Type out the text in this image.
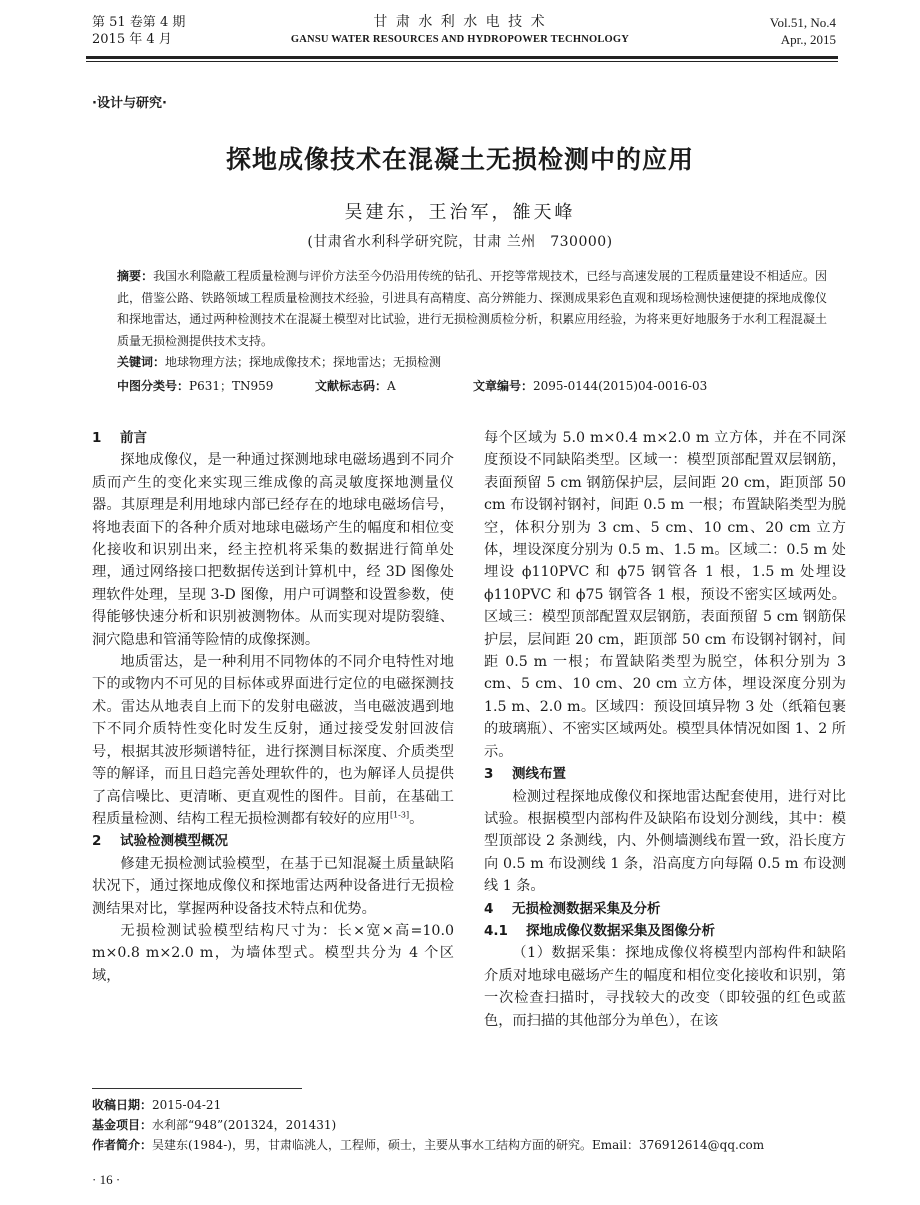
第 51 卷第 4 期
2015 年 4 月
甘 肃 水 利 水 电 技 术
GANSU WATER RESOURCES AND HYDROPOWER TECHNOLOGY
Vol.51, No.4
Apr., 2015
·设计与研究·
探地成像技术在混凝土无损检测中的应用
吴建东，王治军，雒天峰
(甘肃省水利科学研究院，甘肃 兰州　730000)
摘要：我国水利隐蔽工程质量检测与评价方法至今仍沿用传统的钻孔、开挖等常规技术，已经与高速发展的工程质量建设不相适应。因此，借鉴公路、铁路领域工程质量检测技术经验，引进具有高精度、高分辨能力、探测成果彩色直观和现场检测快速便捷的探地成像仪和探地雷达，通过两种检测技术在混凝土模型对比试验，进行无损检测质检分析，积累应用经验，为将来更好地服务于水利工程混凝土质量无损检测提供技术支持。
关键词：地球物理方法；探地成像技术；探地雷达；无损检测
中图分类号：P631；TN959	文献标志码：A	文章编号：2095-0144(2015)04-0016-03
1 前言

探地成像仪，是一种通过探测地球电磁场遇到不同介质而产生的变化来实现三维成像的高灵敏度探地测量仪器。其原理是利用地球内部已经存在的地球电磁场信号，将地表面下的各种介质对地球电磁场产生的幅度和相位变化接收和识别出来，经主控机将采集的数据进行简单处理，通过网络接口把数据传送到计算机中，经 3D 图像处理软件处理，呈现 3-D 图像，用户可调整和设置参数，使得能够快速分析和识别被测物体。从而实现对堤防裂缝、洞穴隐患和管涌等险情的成像探测。

地质雷达，是一种利用不同物体的不同介电特性对地下的或物内不可见的目标体或界面进行定位的电磁探测技术。雷达从地表自上而下的发射电磁波，当电磁波遇到地下不同介质特性变化时发生反射，通过接受发射回波信号，根据其波形频谱特征，进行探测目标深度、介质类型等的解译，而且日趋完善处理软件的，也为解译人员提供了高信噪比、更清晰、更直观性的图件。目前，在基础工程质量检测、结构工程无损检测都有较好的应用[1-3]。

2 试验检测模型概况

修建无损检测试验模型，在基于已知混凝土质量缺陷状况下，通过探地成像仪和探地雷达两种设备进行无损检测结果对比，掌握两种设备技术特点和优势。

无损检测试验模型结构尺寸为：长×宽×高=10.0 m×0.8 m×2.0 m，为墙体型式。模型共分为 4 个区域，

每个区域为 5.0 m×0.4 m×2.0 m 立方体，并在不同深度预设不同缺陷类型。区域一：模型顶部配置双层钢筋，表面预留 5 cm 钢筋保护层，层间距 20 cm，距顶部 50 cm 布设钢衬钢衬，间距 0.5 m 一根；布置缺陷类型为脱空，体积分别为 3 cm、5 cm、10 cm、20 cm 立方体，埋设深度分别为 0.5 m、1.5 m。区域二：0.5 m 处埋设 ϕ110PVC 和 ϕ75 钢管各 1 根，1.5 m 处埋设 ϕ110PVC 和 ϕ75 钢管各 1 根，预设不密实区域两处。区域三：模型顶部配置双层钢筋，表面预留 5 cm 钢筋保护层，层间距 20 cm，距顶部 50 cm 布设钢衬钢衬，间距 0.5 m 一根；布置缺陷类型为脱空，体积分别为 3 cm、5 cm、10 cm、20 cm 立方体，埋设深度分别为 1.5 m、2.0 m。区域四：预设回填异物 3 处（纸箱包裹的玻璃瓶）、不密实区域两处。模型具体情况如图 1、2 所示。

3 测线布置

检测过程探地成像仪和探地雷达配套使用，进行对比试验。根据模型内部构件及缺陷布设划分测线，其中：模型顶部设 2 条测线，内、外侧墙测线布置一致，沿长度方向 0.5 m 布设测线 1 条，沿高度方向每隔 0.5 m 布设测线 1 条。

4 无损检测数据采集及分析
4.1 探地成像仪数据采集及图像分析

（1）数据采集：探地成像仪将模型内部构件和缺陷介质对地球电磁场产生的幅度和相位变化接收和识别，第一次检查扫描时，寻找较大的改变（即较强的红色或蓝色，而扫描的其他部分为单色），在该

收稿日期：2015-04-21
基金项目：水利部“948”(201324，201431)
作者简介：吴建东(1984-)，男，甘肃临洮人，工程师，硕士，主要从事水工结构方面的研究。Email：376912614@qq.com
· 16 ·
